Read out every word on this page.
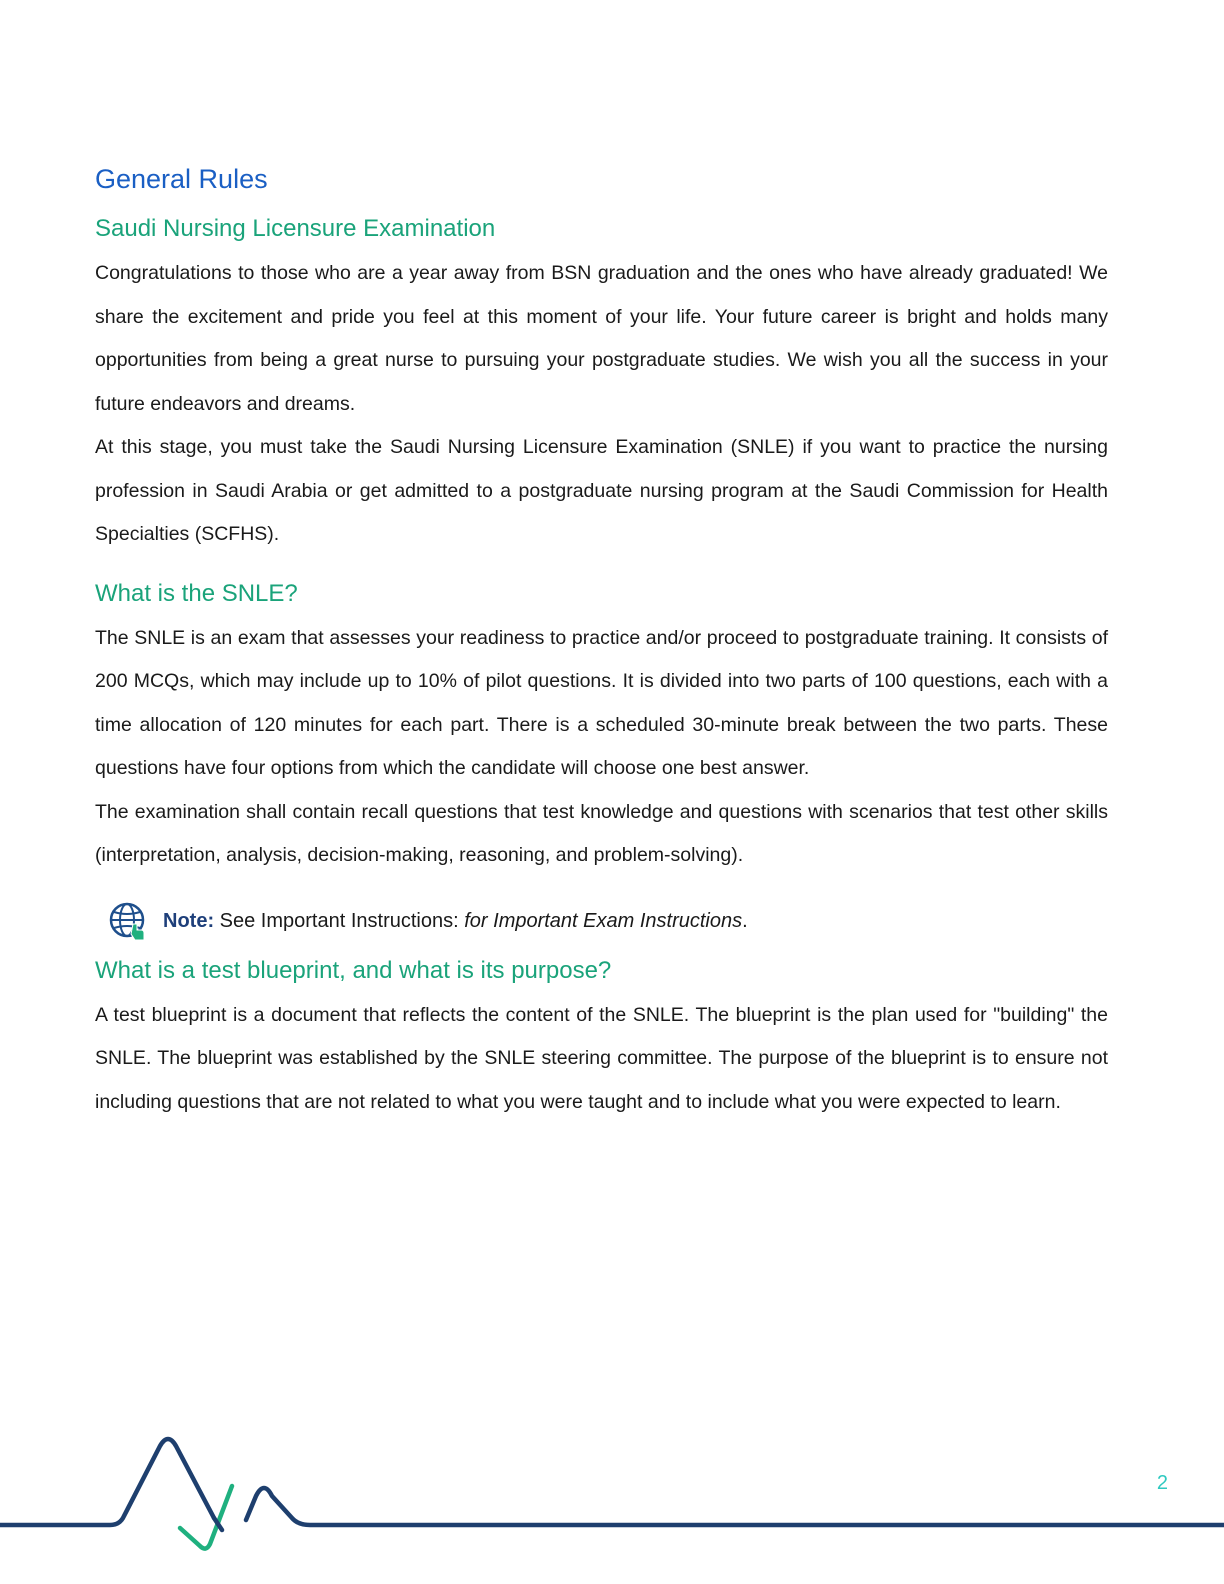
General Rules
Saudi Nursing Licensure Examination

Congratulations to those who are a year away from BSN graduation and the ones who have already graduated! We share the excitement and pride you feel at this moment of your life. Your future career is bright and holds many opportunities from being a great nurse to pursuing your postgraduate studies. We wish you all the success in your future endeavors and dreams.

At this stage, you must take the Saudi Nursing Licensure Examination (SNLE) if you want to practice the nursing profession in Saudi Arabia or get admitted to a postgraduate nursing program at the Saudi Commission for Health Specialties (SCFHS).

What is the SNLE?

The SNLE is an exam that assesses your readiness to practice and/or proceed to postgraduate training. It consists of 200 MCQs, which may include up to 10% of pilot questions. It is divided into two parts of 100 questions, each with a time allocation of 120 minutes for each part. There is a scheduled 30-minute break between the two parts. These questions have four options from which the candidate will choose one best answer.

The examination shall contain recall questions that test knowledge and questions with scenarios that test other skills (interpretation, analysis, decision-making, reasoning, and problem-solving).

Note: See Important Instructions: for Important Exam Instructions.
What is a test blueprint, and what is its purpose?

A test blueprint is a document that reflects the content of the SNLE. The blueprint is the plan used for "building" the SNLE. The blueprint was established by the SNLE steering committee. The purpose of the blueprint is to ensure not including questions that are not related to what you were taught and to include what you were expected to learn.

2
